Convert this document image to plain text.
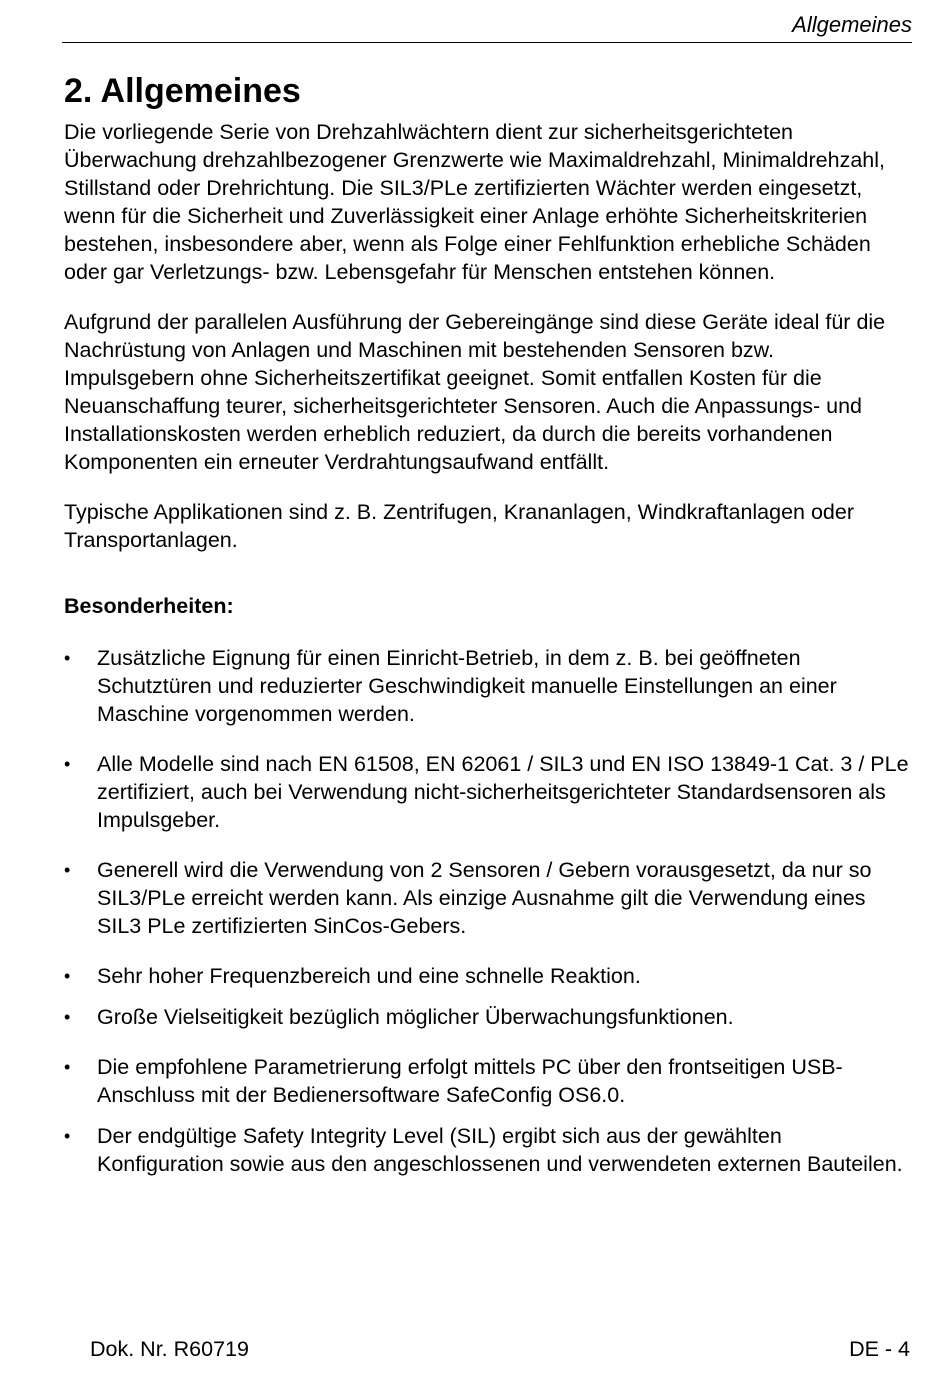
Allgemeines
2. Allgemeines

Die vorliegende Serie von Drehzahlwächtern dient zur sicherheitsgerichteten Überwachung drehzahlbezogener Grenzwerte wie Maximaldrehzahl, Minimaldrehzahl, Stillstand oder Drehrichtung. Die SIL3/PLe zertifizierten Wächter werden eingesetzt, wenn für die Sicherheit und Zuverlässigkeit einer Anlage erhöhte Sicherheitskriterien bestehen, insbesondere aber, wenn als Folge einer Fehlfunktion erhebliche Schäden oder gar Verletzungs- bzw. Lebensgefahr für Menschen entstehen können.

Aufgrund der parallelen Ausführung der Gebereingänge sind diese Geräte ideal für die Nachrüstung von Anlagen und Maschinen mit bestehenden Sensoren bzw. Impulsgebern ohne Sicherheitszertifikat geeignet. Somit entfallen Kosten für die Neuanschaffung teurer, sicherheitsgerichteter Sensoren. Auch die Anpassungs- und Installationskosten werden erheblich reduziert, da durch die bereits vorhandenen Komponenten ein erneuter Verdrahtungsaufwand entfällt.

Typische Applikationen sind z. B. Zentrifugen, Krananlagen, Windkraftanlagen oder Transportanlagen.

Besonderheiten:
•	Zusätzliche Eignung für einen Einricht-Betrieb, in dem z. B. bei geöffneten Schutztüren und reduzierter Geschwindigkeit manuelle Einstellungen an einer Maschine vorgenommen werden.
•	Alle Modelle sind nach EN 61508, EN 62061 / SIL3 und EN ISO 13849-1 Cat. 3 / PLe zertifiziert, auch bei Verwendung nicht-sicherheitsgerichteter Standardsensoren als Impulsgeber.
•	Generell wird die Verwendung von 2 Sensoren / Gebern vorausgesetzt, da nur so SIL3/PLe erreicht werden kann. Als einzige Ausnahme gilt die Verwendung eines SIL3 PLe zertifizierten SinCos-Gebers.
•	Sehr hoher Frequenzbereich und eine schnelle Reaktion.
•	Große Vielseitigkeit bezüglich möglicher Überwachungsfunktionen.
•	Die empfohlene Parametrierung erfolgt mittels PC über den frontseitigen USB-Anschluss mit der Bedienersoftware SafeConfig OS6.0.
•	Der endgültige Safety Integrity Level (SIL) ergibt sich aus der gewählten Konfiguration sowie aus den angeschlossenen und verwendeten externen Bauteilen.
Dok. Nr. R60719	DE - 4
